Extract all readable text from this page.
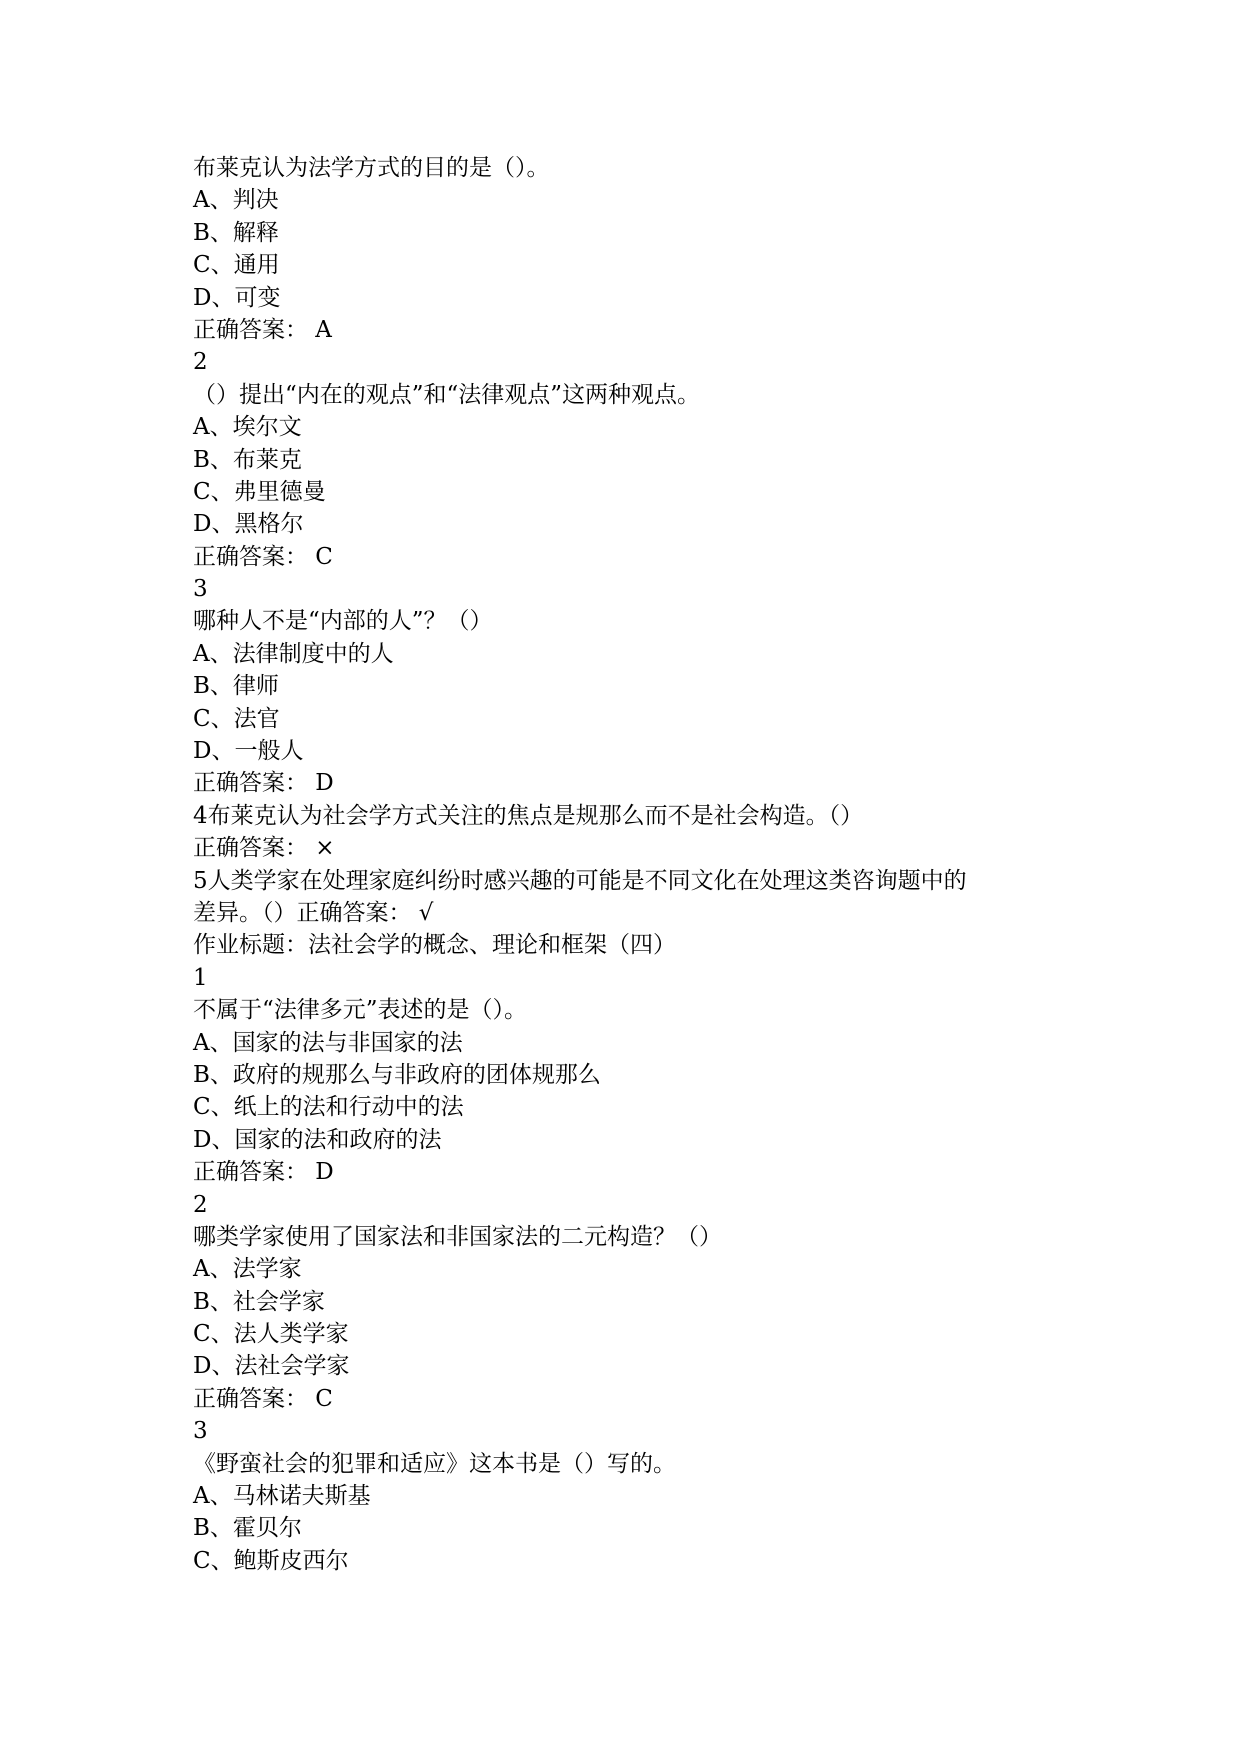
布莱克认为法学方式的目的是（）。

A、判决

B、解释

C、通用

D、可变

正确答案： A

2

（）提出“内在的观点”和“法律观点”这两种观点。

A、埃尔文

B、布莱克

C、弗里德曼

D、黑格尔

正确答案： C

3

哪种人不是“内部的人”？（）

A、法律制度中的人

B、律师

C、法官

D、一般人

正确答案： D

4布莱克认为社会学方式关注的焦点是规那么而不是社会构造。（）

正确答案： ×

5人类学家在处理家庭纠纷时感兴趣的可能是不同文化在处理这类咨询题中的

差异。（）正确答案： √

作业标题：法社会学的概念、理论和框架（四）

1

不属于“法律多元”表述的是（）。

A、国家的法与非国家的法

B、政府的规那么与非政府的团体规那么

C、纸上的法和行动中的法

D、国家的法和政府的法

正确答案： D

2

哪类学家使用了国家法和非国家法的二元构造？（）

A、法学家

B、社会学家

C、法人类学家

D、法社会学家

正确答案： C

3

《野蛮社会的犯罪和适应》这本书是（）写的。

A、马林诺夫斯基

B、霍贝尔

C、鲍斯皮西尔
